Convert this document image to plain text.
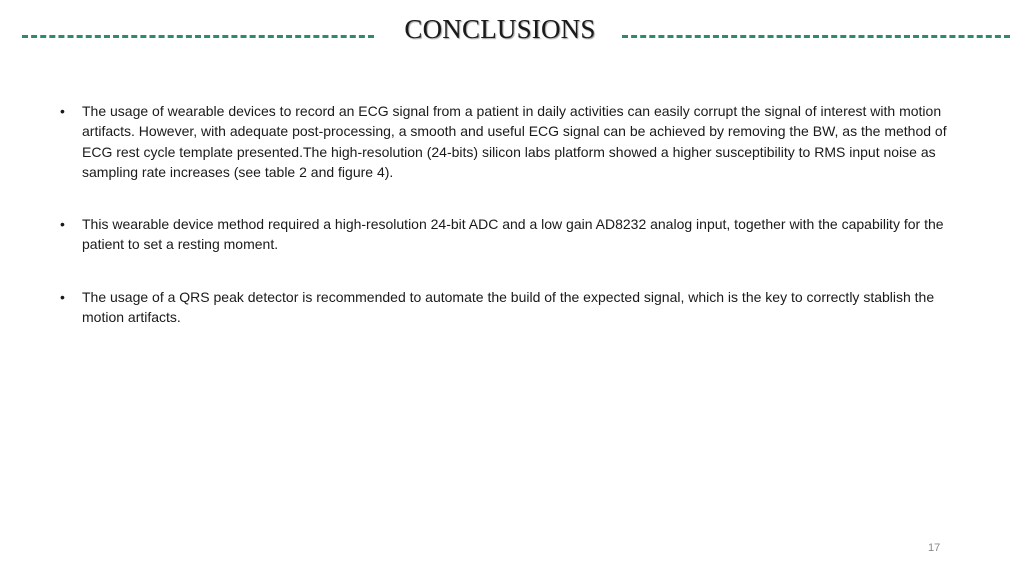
CONCLUSIONS
• The usage of wearable devices to record an ECG signal from a patient in daily activities can easily corrupt the signal of interest with motion artifacts. However, with adequate post-processing, a smooth and useful ECG signal can be achieved by removing the BW, as the method of ECG rest cycle template presented.The high-resolution (24-bits) silicon labs platform showed a higher susceptibility to RMS input noise as sampling rate increases (see table 2 and figure 4).
• This wearable device method required a high-resolution 24-bit ADC and a low gain AD8232 analog input, together with the capability for the patient to set a resting moment.
• The usage of a QRS peak detector is recommended to automate the build of the expected signal, which is the key to correctly stablish the motion artifacts.
17
